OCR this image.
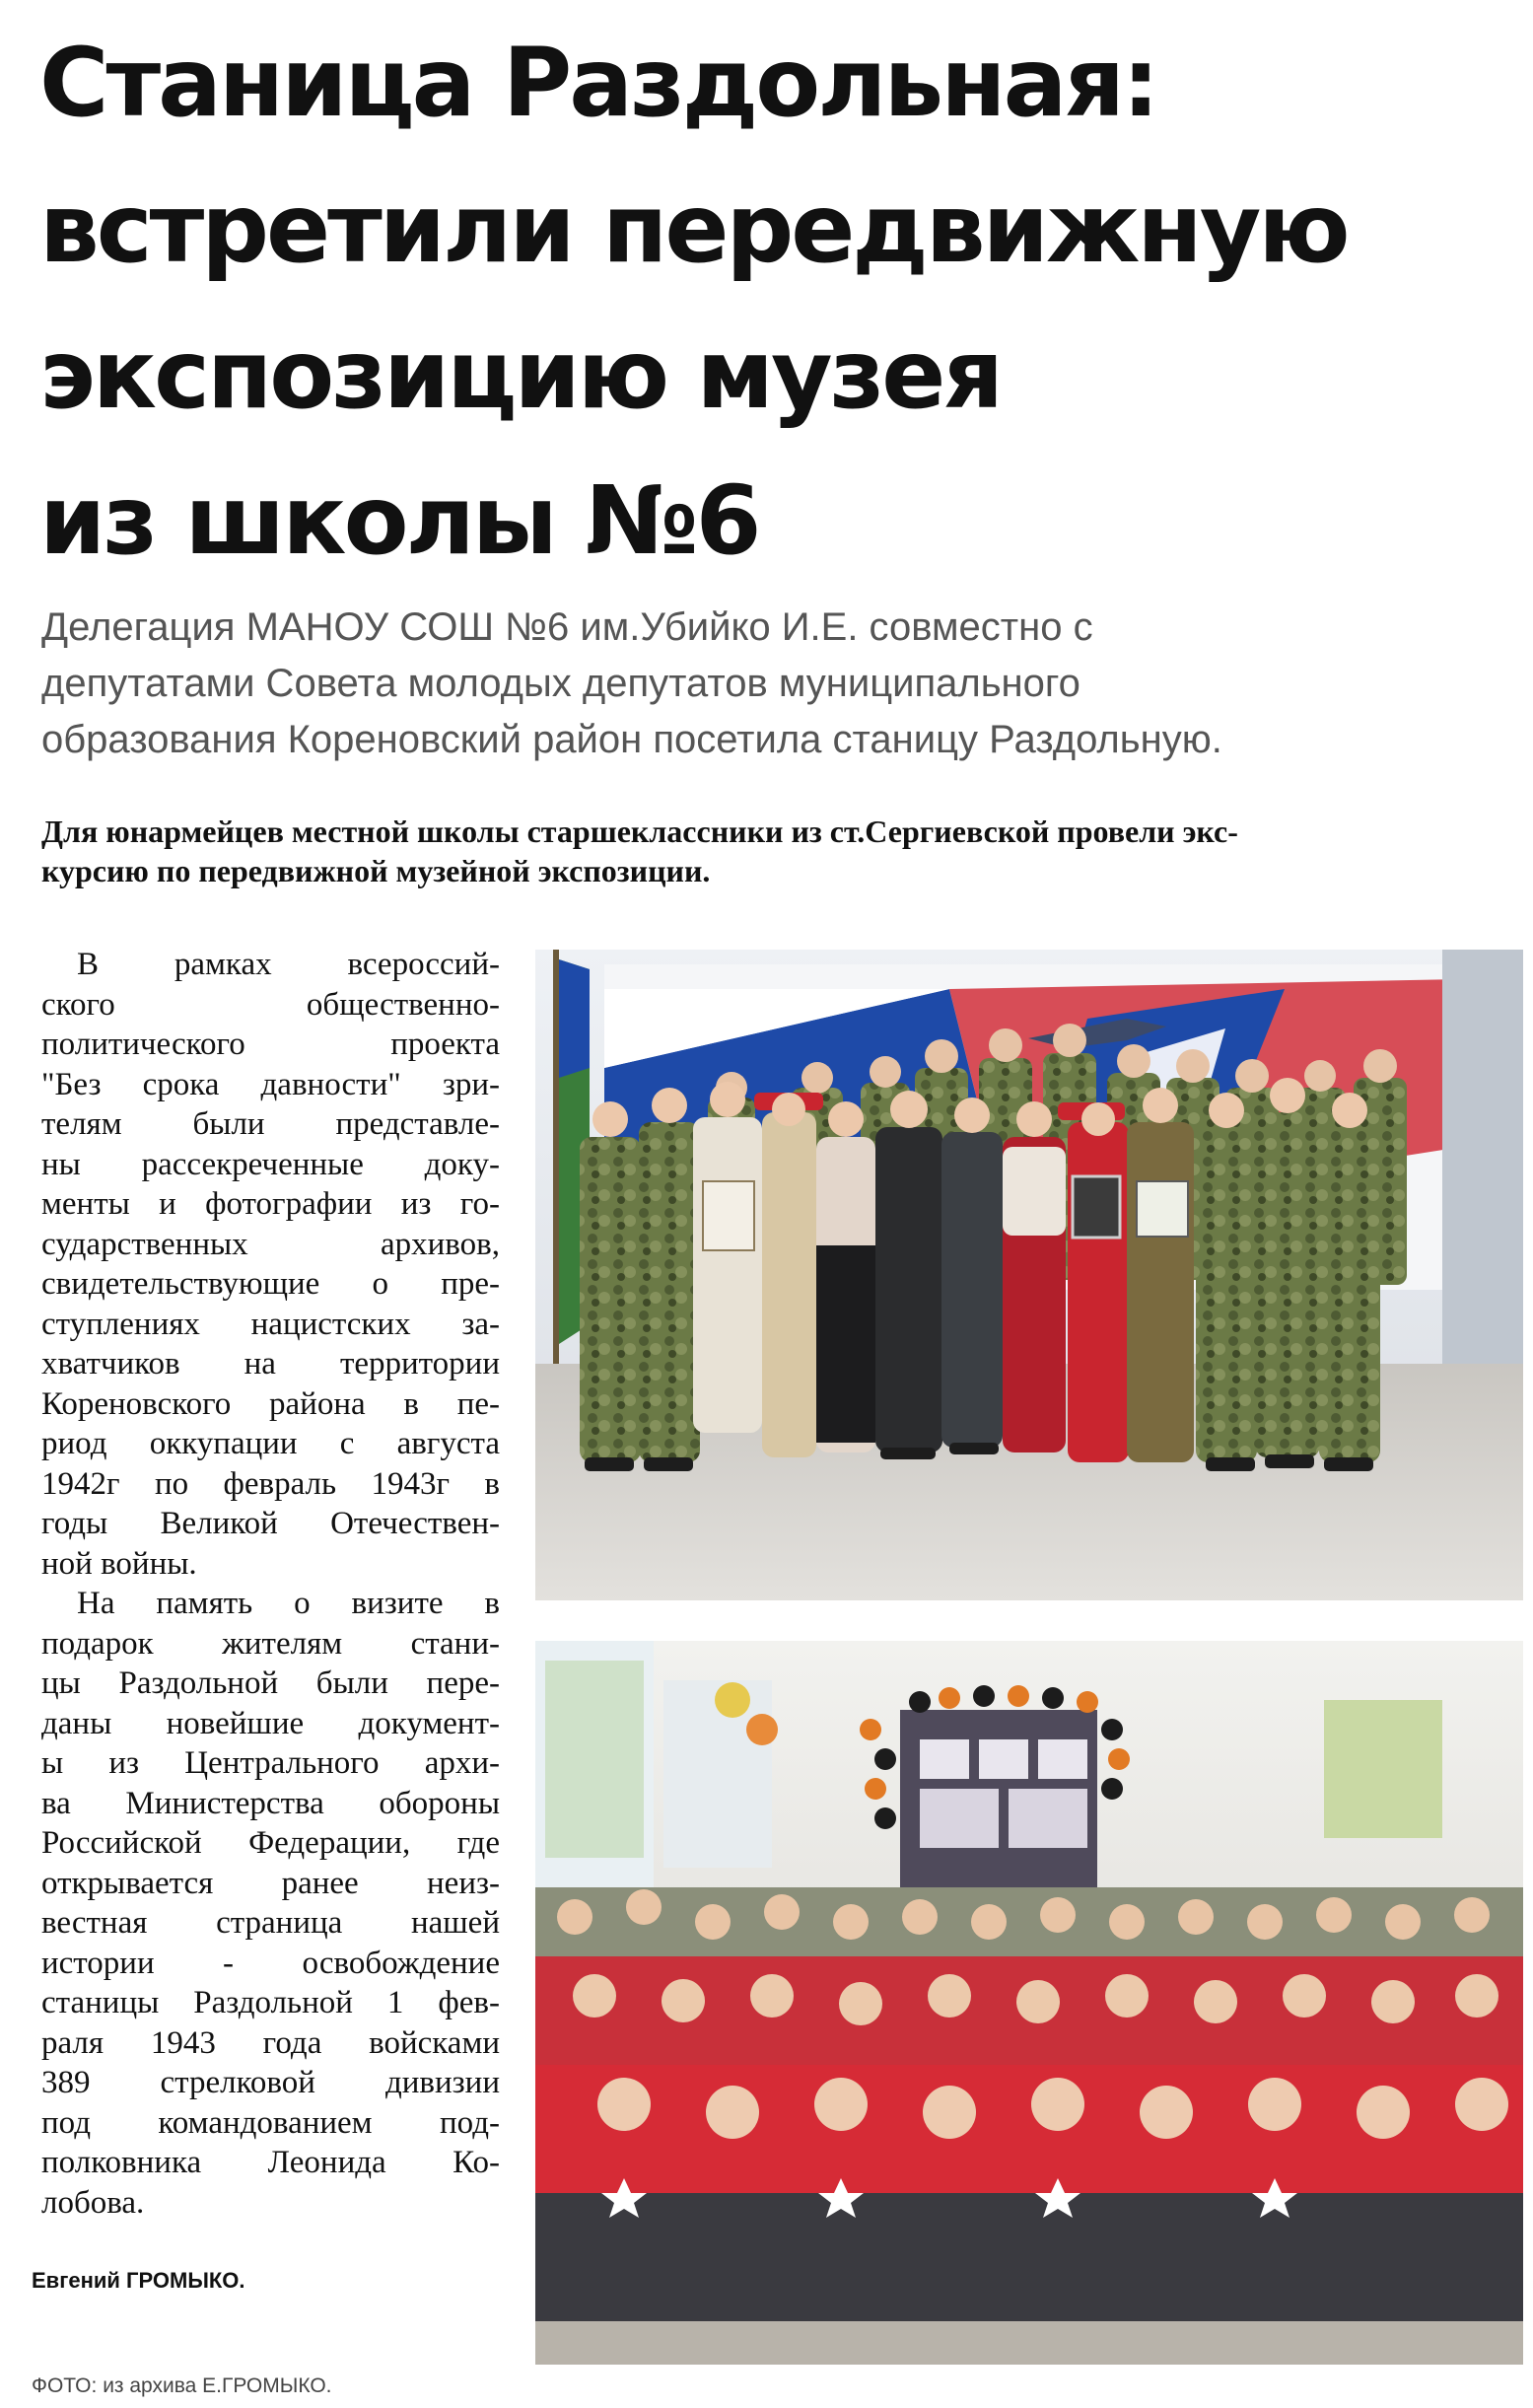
Станица Раздольная:
встретили передвижную
экспозицию музея
из школы №6
Делегация МАНОУ СОШ №6 им.Убийко И.Е. совместно с
депутатами Совета молодых депутатов муниципального
образования Кореновский район посетила станицу Раздольную.
Для юнармейцев местной школы старшеклассники из ст.Сергиевской провели экс-
курсию по передвижной музейной экспозиции.
В рамках всероссий-
ского общественно-
политического проекта
"Без срока давности" зри-
телям были представле-
ны рассекреченные доку-
менты и фотографии из го-
сударственных архивов,
свидетельствующие о пре-
ступлениях нацистских за-
хватчиков на территории
Кореновского района в пе-
риод оккупации с августа
1942г по февраль 1943г в
годы Великой Отечествен-
ной войны.
На память о визите в
подарок жителям стани-
цы Раздольной были пере-
даны новейшие документ-
ы из Центрального архи-
ва Министерства обороны
Российской Федерации, где
открывается ранее неиз-
вестная страница нашей
истории - освобождение
станицы Раздольной 1 фев-
раля 1943 года войсками
389 стрелковой дивизии
под командованием под-
полковника Леонида Ко-
лобова.
Евгений ГРОМЫКО.
ФОТО: из архива Е.ГРОМЫКО.
